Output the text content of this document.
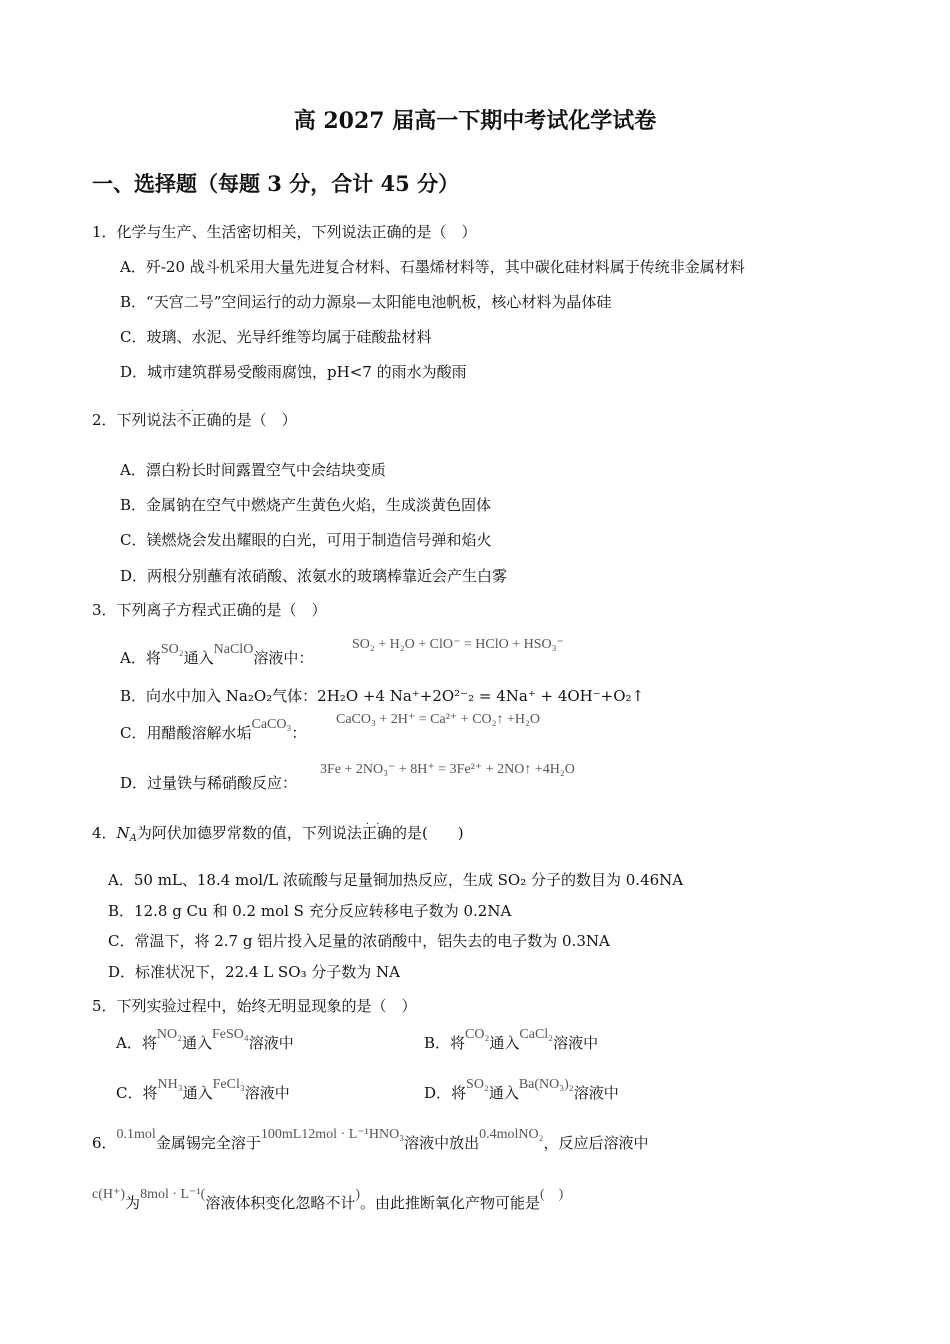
高 2027 届高一下期中考试化学试卷
一、选择题（每题 3 分，合计 45 分）
1．化学与生产、生活密切相关，下列说法正确的是（　）
A．歼-20 战斗机采用大量先进复合材料、石墨烯材料等，其中碳化硅材料属于传统非金属材料
B．“天宫二号”空间运行的动力源泉—太阳能电池帆板，核心材料为晶体硅
C．玻璃、水泥、光导纤维等均属于硅酸盐材料
D．城市建筑群易受酸雨腐蚀，pH<7 的雨水为酸雨
2．下列说法· · 不正确的是（　）
A．漂白粉长时间露置空气中会结块变质
B．金属钠在空气中燃烧产生黄色火焰，生成淡黄色固体
C．镁燃烧会发出耀眼的白光，可用于制造信号弹和焰火
D．两根分别蘸有浓硝酸、浓氨水的玻璃棒靠近会产生白雾
3．下列离子方程式正确的是（　）
A．将SO₂通入NaClO溶液中：
SO₂ + H₂O + ClO⁻ = HClO + HSO₃⁻
B．向水中加入 Na₂O₂气体：2H₂O +4 Na⁺+2O²⁻₂ = 4Na⁺ + 4OH⁻+O₂↑
C．用醋酸溶解水垢CaCO₃：
CaCO₃ + 2H⁺ = Ca²⁺ + CO₂↑ +H₂O
D．过量铁与稀硝酸反应：
3Fe + 2NO₃⁻ + 8H⁺ = 3Fe²⁺ + 2NO↑ +4H₂O
4．$N_A$为阿伏加德罗常数的值，下列说法· · 正确的是(　　)
A．50 mL、18.4 mol/L 浓硫酸与足量铜加热反应，生成 SO₂ 分子的数目为 0.46NA
B．12.8 g Cu 和 0.2 mol S 充分反应转移电子数为 0.2NA
C．常温下，将 2.7 g 铝片投入足量的浓硝酸中，铝失去的电子数为 0.3NA
D．标准状况下，22.4 L SO₃ 分子数为 NA
5．下列实验过程中，始终无明显现象的是（　）
A．将NO₂通入FeSO₄溶液中	B．将CO₂通入CaCl₂溶液中
C．将NH₃通入FeCl₃溶液中	D．将SO₂通入Ba(NO₃)₂溶液中
6．0.1mol金属锡完全溶于100mL12mol · L⁻¹HNO₃溶液中放出0.4molNO₂，反应后溶液中
c(H⁺)为8mol · L⁻¹(溶液体积变化忽略不计)。由此推断氧化产物可能是(　)
